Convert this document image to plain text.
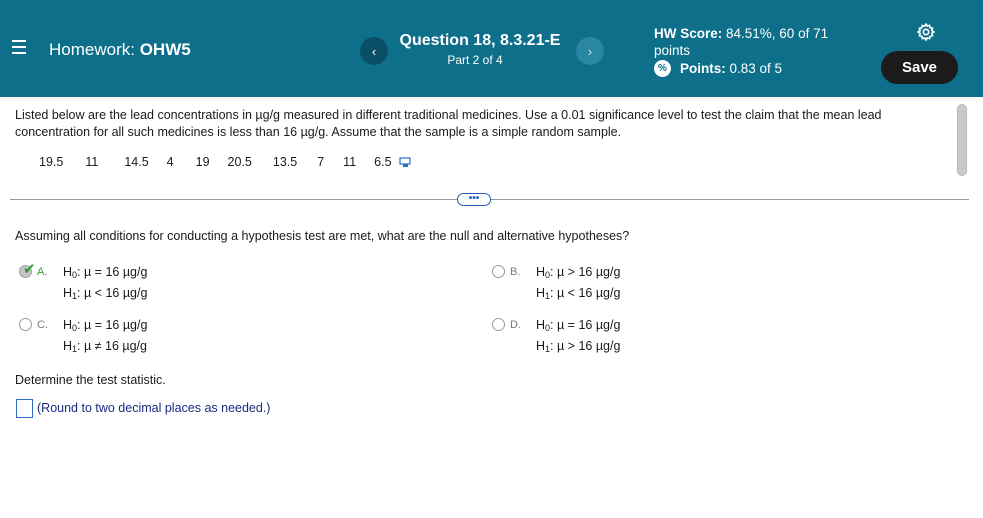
Homework: OHW5	‹
Question 18, 8.3.21-E
Part 2 of 4
›
HW Score: 84.51%, 60 of 71
points
% Points:
0.83 of 5	Save
Listed below are the lead concentrations in µg/g measured in different traditional medicines. Use a 0.01 significance level to test the claim that the mean lead concentration for all such medicines is less than 16 µg/g. Assume that the sample is a simple random sample.
19.5 11 14.5 4 19 20.5 13.5 7 11 6.5
•••
Assuming all conditions for conducting a hypothesis test are met, what are the null and alternative hypotheses?
✔ A. $H_0$: µ = 16 µg/g
$H_1$: µ < 16 µg/g
B. $H_0$: µ > 16 µg/g
$H_1$: µ < 16 µg/g
C. $H_0$: µ = 16 µg/g
$H_1$: µ ≠ 16 µg/g
D. $H_0$: µ = 16 µg/g
$H_1$: µ > 16 µg/g
Determine the test statistic.
(Round to two decimal places as needed.)
